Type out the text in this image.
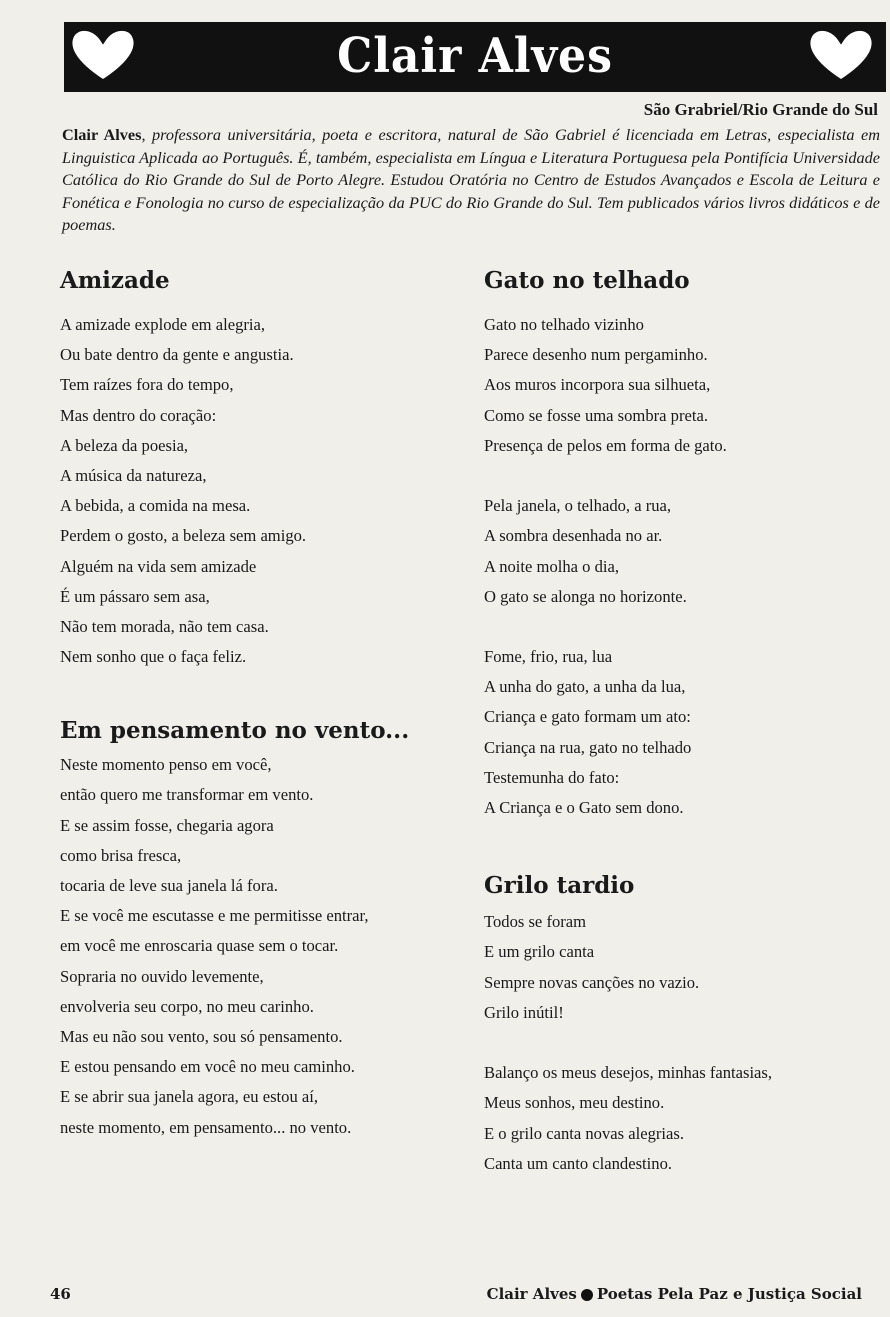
Clair Alves
São Grabriel/Rio Grande do Sul
Clair Alves, professora universitária, poeta e escritora, natural de São Gabriel é licenciada em Letras, especialista em Linguistica Aplicada ao Português. É, também, especialista em Língua e Literatura Portuguesa pela Pontifícia Universidade Católica do Rio Grande do Sul de Porto Alegre. Estudou Oratória no Centro de Estudos Avançados e Escola de Leitura e Fonética e Fonologia no curso de especialização da PUC do Rio Grande do Sul. Tem publicados vários livros didáticos e de poemas.
Amizade
A amizade explode em alegria,
Ou bate dentro da gente e angustia.
Tem raízes fora do tempo,
Mas dentro do coração:
A beleza da poesia,
A música da natureza,
A bebida, a comida na mesa.
Perdem o gosto, a beleza sem amigo.
Alguém na vida sem amizade
É um pássaro sem asa,
Não tem morada, não tem casa.
Nem sonho que o faça feliz.
Em pensamento no vento...
Neste momento penso em você,
então quero me transformar em vento.
E se assim fosse, chegaria agora
como brisa fresca,
tocaria de leve sua janela lá fora.
E se você me escutasse e me permitisse entrar,
em você me enroscaria quase sem o tocar.
Sopraria no ouvido levemente,
envolveria seu corpo, no meu carinho.
Mas eu não sou vento, sou só pensamento.
E estou pensando em você no meu caminho.
E se abrir sua janela agora, eu estou aí,
neste momento, em pensamento... no vento.
Gato no telhado
Gato no telhado vizinho
Parece desenho num pergaminho.
Aos muros incorpora sua silhueta,
Como se fosse uma sombra preta.
Presença de pelos em forma de gato.
Pela janela, o telhado, a rua,
A sombra desenhada no ar.
A noite molha o dia,
O gato se alonga no horizonte.
Fome, frio, rua, lua
A unha do gato, a unha da lua,
Criança e gato formam um ato:
Criança na rua, gato no telhado
Testemunha do fato:
A Criança e o Gato sem dono.
Grilo tardio
Todos se foram
E um grilo canta
Sempre novas canções no vazio.
Grilo inútil!
Balanço os meus desejos, minhas fantasias,
Meus sonhos, meu destino.
E o grilo canta novas alegrias.
Canta um canto clandestino.
46	Clair Alves Poetas Pela Paz e Justiça Social
